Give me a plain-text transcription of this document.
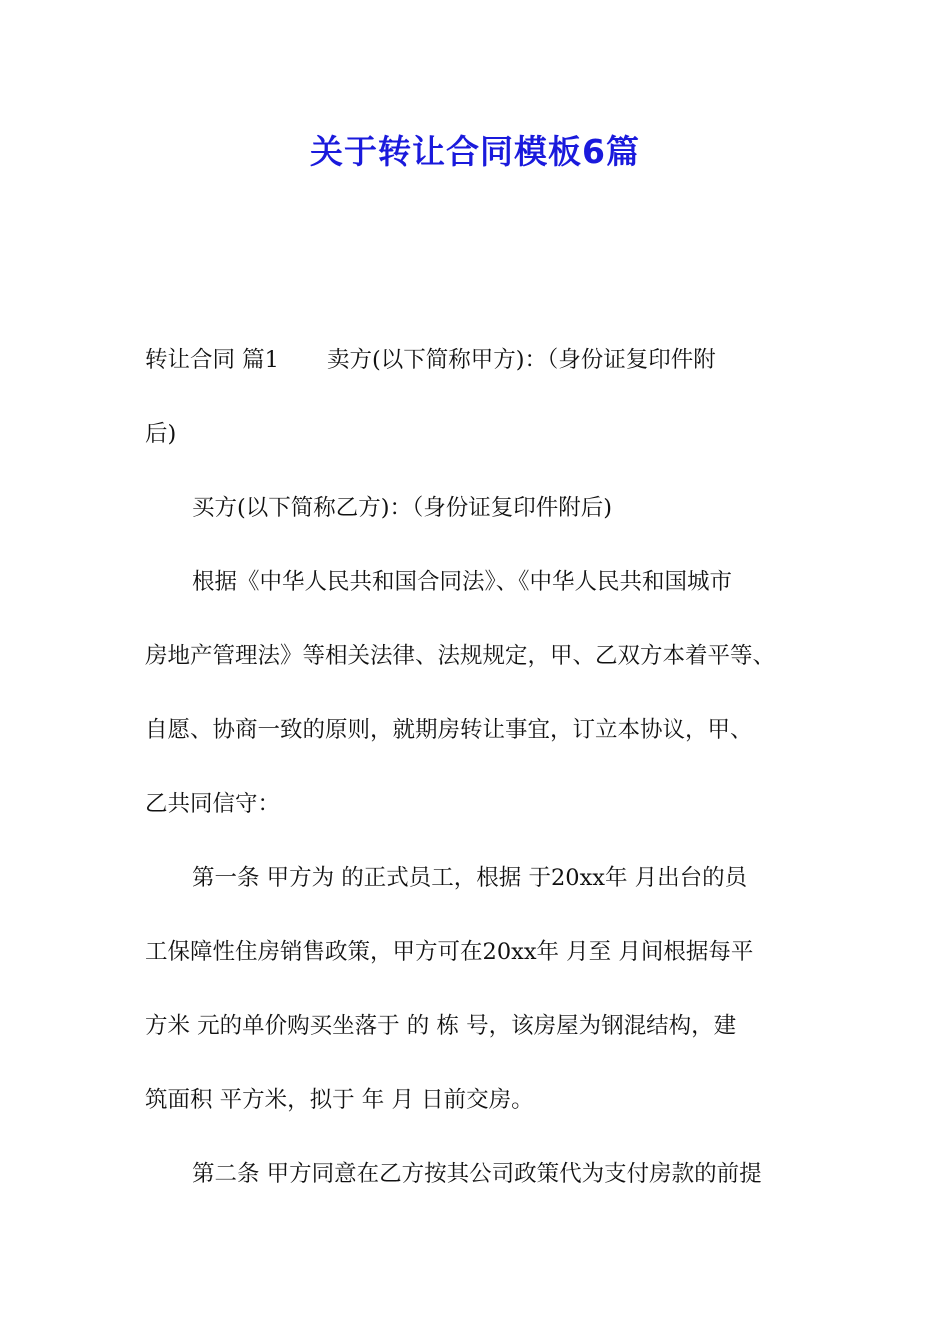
关于转让合同模板6篇
转让合同 篇1 卖方(以下简称甲方)：（身份证复印件附
后)
买方(以下简称乙方)：（身份证复印件附后)
根据《中华人民共和国合同法》、《中华人民共和国城市
房地产管理法》等相关法律、法规规定，甲、乙双方本着平等、
自愿、协商一致的原则，就期房转让事宜，订立本协议，甲、
乙共同信守：
第一条 甲方为 的正式员工，根据 于20xx年 月出台的员
工保障性住房销售政策，甲方可在20xx年 月至 月间根据每平
方米 元的单价购买坐落于 的 栋 号，该房屋为钢混结构，建
筑面积 平方米，拟于 年 月 日前交房。
第二条 甲方同意在乙方按其公司政策代为支付房款的前提
